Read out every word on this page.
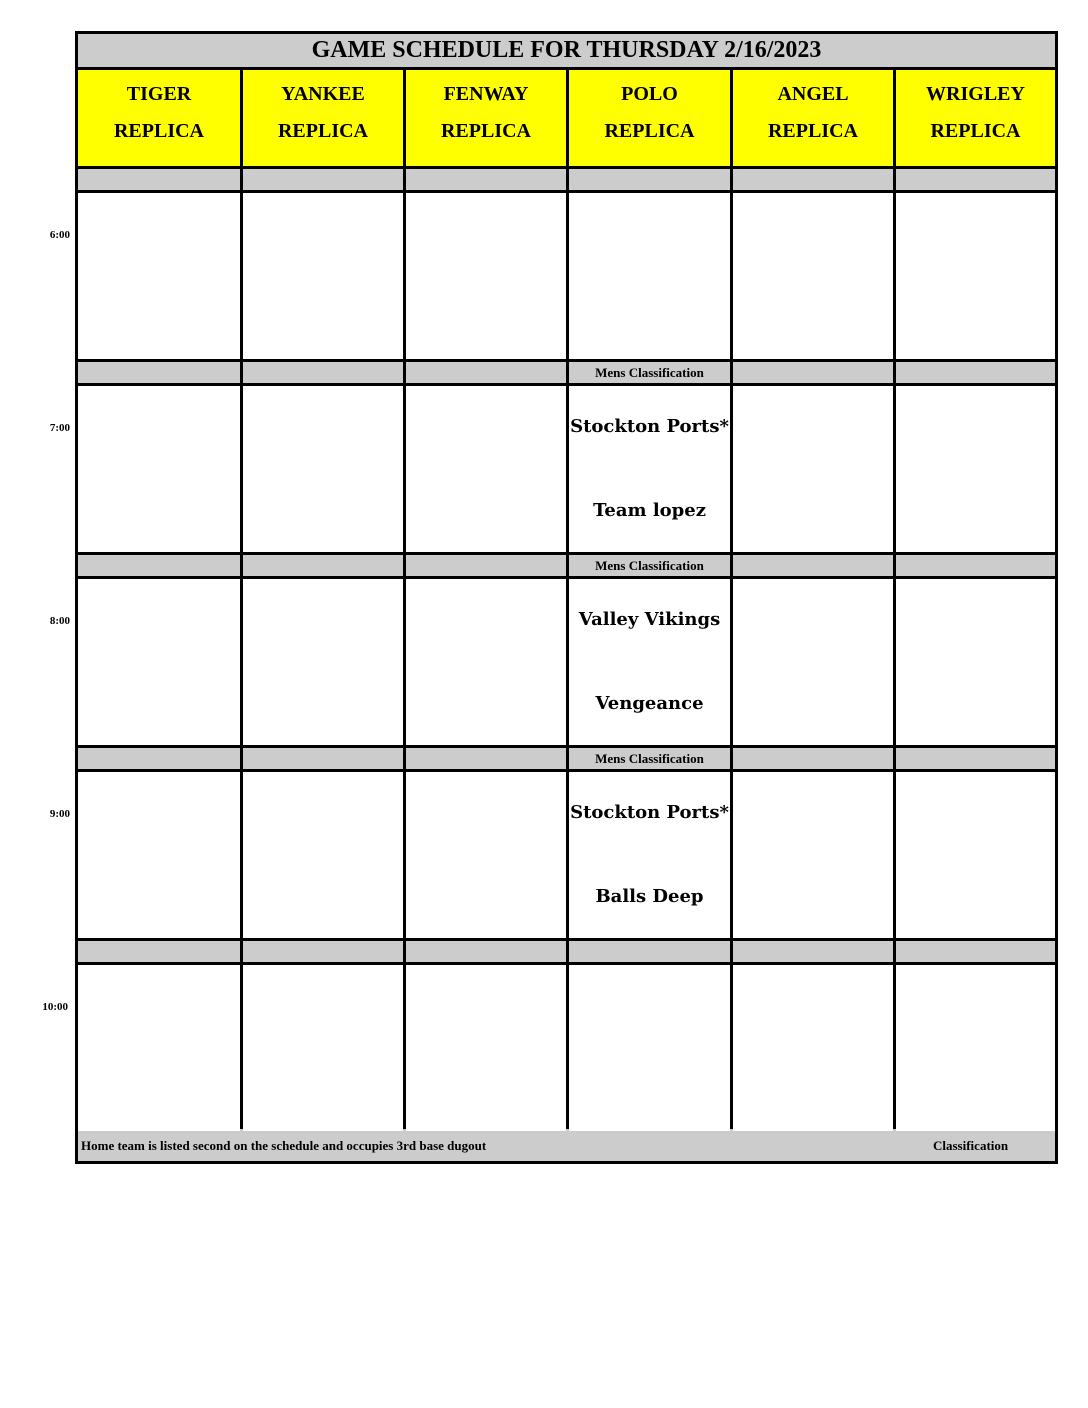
GAME SCHEDULE FOR THURSDAY 2/16/2023
Home team is listed second on the schedule and occupies 3rd base dugout	Classification
TIGER
REPLICA
YANKEE
REPLICA
FENWAY
REPLICA
POLO
REPLICA
ANGEL
REPLICA
WRIGLEY
REPLICA
Mens Classification
Stockton Ports*
Team lopez
Mens Classification
Valley Vikings
Vengeance
Mens Classification
Stockton Ports*
Balls Deep
6:00
7:00
8:00
9:00
10:00
